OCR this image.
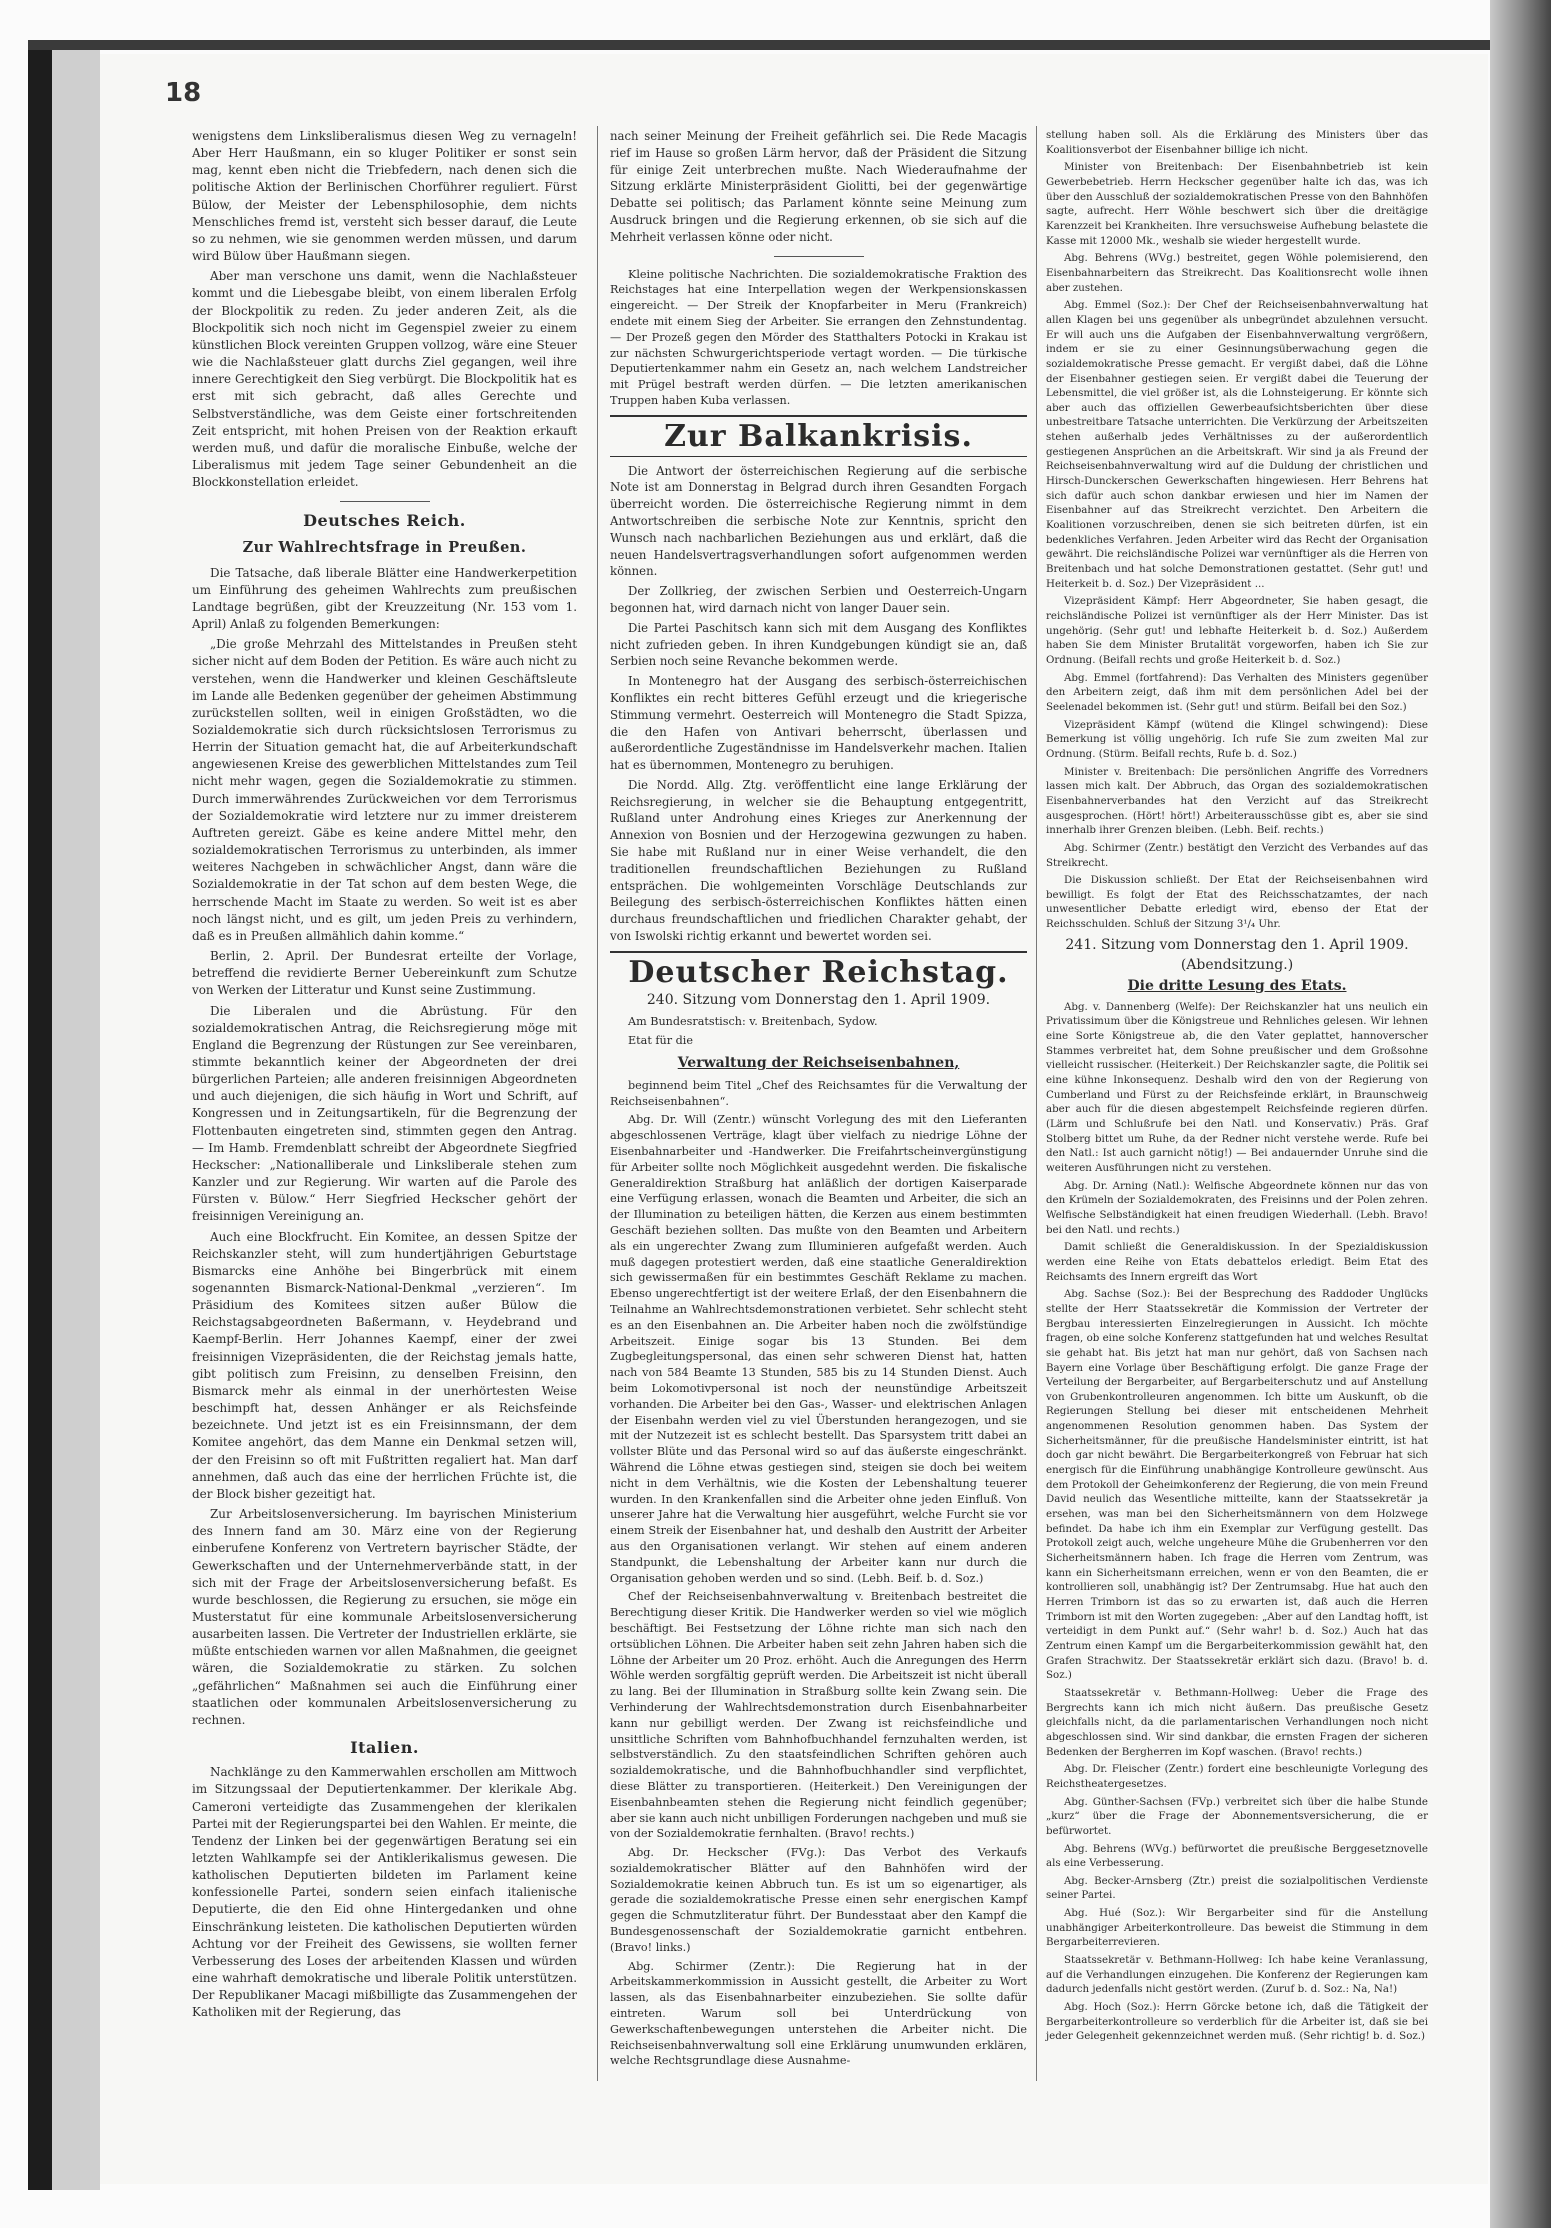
18

wenigstens dem Linksliberalismus diesen Weg zu vernageln! Aber Herr Haußmann, ein so kluger Politiker er sonst sein mag, kennt eben nicht die Triebfedern, nach denen sich die politische Aktion der Berlinischen Chorführer reguliert. Fürst Bülow, der Meister der Lebensphilosophie, dem nichts Menschliches fremd ist, versteht sich besser darauf, die Leute so zu nehmen, wie sie genommen werden müssen, und darum wird Bülow über Haußmann siegen.

Aber man verschone uns damit, wenn die Nachlaßsteuer kommt und die Liebesgabe bleibt, von einem liberalen Erfolg der Blockpolitik zu reden. Zu jeder anderen Zeit, als die Blockpolitik sich noch nicht im Gegenspiel zweier zu einem künstlichen Block vereinten Gruppen vollzog, wäre eine Steuer wie die Nachlaßsteuer glatt durchs Ziel gegangen, weil ihre innere Gerechtigkeit den Sieg verbürgt. Die Blockpolitik hat es erst mit sich gebracht, daß alles Gerechte und Selbstverständliche, was dem Geiste einer fortschreitenden Zeit entspricht, mit hohen Preisen von der Reaktion erkauft werden muß, und dafür die moralische Einbuße, welche der Liberalismus mit jedem Tage seiner Gebundenheit an die Blockkonstellation erleidet.

Deutsches Reich.
Zur Wahlrechtsfrage in Preußen.

Die Tatsache, daß liberale Blätter eine Handwerkerpetition um Einführung des geheimen Wahlrechts zum preußischen Landtage begrüßen, gibt der Kreuzzeitung (Nr. 153 vom 1. April) Anlaß zu folgenden Bemerkungen:

„Die große Mehrzahl des Mittelstandes in Preußen steht sicher nicht auf dem Boden der Petition. Es wäre auch nicht zu verstehen, wenn die Handwerker und kleinen Geschäftsleute im Lande alle Bedenken gegenüber der geheimen Abstimmung zurückstellen sollten, weil in einigen Großstädten, wo die Sozialdemokratie sich durch rücksichtslosen Terrorismus zu Herrin der Situation gemacht hat, die auf Arbeiterkundschaft angewiesenen Kreise des gewerblichen Mittelstandes zum Teil nicht mehr wagen, gegen die Sozialdemokratie zu stimmen. Durch immerwährendes Zurückweichen vor dem Terrorismus der Sozialdemokratie wird letztere nur zu immer dreisterem Auftreten gereizt. Gäbe es keine andere Mittel mehr, den sozialdemokratischen Terrorismus zu unterbinden, als immer weiteres Nachgeben in schwächlicher Angst, dann wäre die Sozialdemokratie in der Tat schon auf dem besten Wege, die herrschende Macht im Staate zu werden. So weit ist es aber noch längst nicht, und es gilt, um jeden Preis zu verhindern, daß es in Preußen allmählich dahin komme.“

Berlin, 2. April. Der Bundesrat erteilte der Vorlage, betreffend die revidierte Berner Uebereinkunft zum Schutze von Werken der Litteratur und Kunst seine Zustimmung.

Die Liberalen und die Abrüstung. Für den sozialdemokratischen Antrag, die Reichsregierung möge mit England die Begrenzung der Rüstungen zur See vereinbaren, stimmte bekanntlich keiner der Abgeordneten der drei bürgerlichen Parteien; alle anderen freisinnigen Abgeordneten und auch diejenigen, die sich häufig in Wort und Schrift, auf Kongressen und in Zeitungsartikeln, für die Begrenzung der Flottenbauten eingetreten sind, stimmten gegen den Antrag. — Im Hamb. Fremdenblatt schreibt der Abgeordnete Siegfried Heckscher: „Nationalliberale und Linksliberale stehen zum Kanzler und zur Regierung. Wir warten auf die Parole des Fürsten v. Bülow.“ Herr Siegfried Heckscher gehört der freisinnigen Vereinigung an.

Auch eine Blockfrucht. Ein Komitee, an dessen Spitze der Reichskanzler steht, will zum hundertjährigen Geburtstage Bismarcks eine Anhöhe bei Bingerbrück mit einem sogenannten Bismarck-National-Denkmal „verzieren“. Im Präsidium des Komitees sitzen außer Bülow die Reichstagsabgeordneten Baßermann, v. Heydebrand und Kaempf-Berlin. Herr Johannes Kaempf, einer der zwei freisinnigen Vizepräsidenten, die der Reichstag jemals hatte, gibt politisch zum Freisinn, zu denselben Freisinn, den Bismarck mehr als einmal in der unerhörtesten Weise beschimpft hat, dessen Anhänger er als Reichsfeinde bezeichnete. Und jetzt ist es ein Freisinnsmann, der dem Komitee angehört, das dem Manne ein Denkmal setzen will, der den Freisinn so oft mit Fußtritten regaliert hat. Man darf annehmen, daß auch das eine der herrlichen Früchte ist, die der Block bisher gezeitigt hat.

Zur Arbeitslosenversicherung. Im bayrischen Ministerium des Innern fand am 30. März eine von der Regierung einberufene Konferenz von Vertretern bayrischer Städte, der Gewerkschaften und der Unternehmerverbände statt, in der sich mit der Frage der Arbeitslosenversicherung befaßt. Es wurde beschlossen, die Regierung zu ersuchen, sie möge ein Musterstatut für eine kommunale Arbeitslosenversicherung ausarbeiten lassen. Die Vertreter der Industriellen erklärte, sie müßte entschieden warnen vor allen Maßnahmen, die geeignet wären, die Sozialdemokratie zu stärken. Zu solchen „gefährlichen“ Maßnahmen sei auch die Einführung einer staatlichen oder kommunalen Arbeitslosenversicherung zu rechnen.

Italien.

Nachklänge zu den Kammerwahlen erschollen am Mittwoch im Sitzungssaal der Deputiertenkammer. Der klerikale Abg. Cameroni verteidigte das Zusammengehen der klerikalen Partei mit der Regierungspartei bei den Wahlen. Er meinte, die Tendenz der Linken bei der gegenwärtigen Beratung sei ein letzten Wahlkampfe sei der Antiklerikalismus gewesen. Die katholischen Deputierten bildeten im Parlament keine konfessionelle Partei, sondern seien einfach italienische Deputierte, die den Eid ohne Hintergedanken und ohne Einschränkung leisteten. Die katholischen Deputierten würden Achtung vor der Freiheit des Gewissens, sie wollten ferner Verbesserung des Loses der arbeitenden Klassen und würden eine wahrhaft demokratische und liberale Politik unterstützen. Der Republikaner Macagi mißbilligte das Zusammengehen der Katholiken mit der Regierung, das

nach seiner Meinung der Freiheit gefährlich sei. Die Rede Macagis rief im Hause so großen Lärm hervor, daß der Präsident die Sitzung für einige Zeit unterbrechen mußte. Nach Wiederaufnahme der Sitzung erklärte Ministerpräsident Giolitti, bei der gegenwärtige Debatte sei politisch; das Parlament könnte seine Meinung zum Ausdruck bringen und die Regierung erkennen, ob sie sich auf die Mehrheit verlassen könne oder nicht.

Kleine politische Nachrichten. Die sozialdemokratische Fraktion des Reichstages hat eine Interpellation wegen der Werkpensionskassen eingereicht. — Der Streik der Knopfarbeiter in Meru (Frankreich) endete mit einem Sieg der Arbeiter. Sie errangen den Zehnstundentag. — Der Prozeß gegen den Mörder des Statthalters Potocki in Krakau ist zur nächsten Schwurgerichtsperiode vertagt worden. — Die türkische Deputiertenkammer nahm ein Gesetz an, nach welchem Landstreicher mit Prügel bestraft werden dürfen. — Die letzten amerikanischen Truppen haben Kuba verlassen.

Zur Balkankrisis.

Die Antwort der österreichischen Regierung auf die serbische Note ist am Donnerstag in Belgrad durch ihren Gesandten Forgach überreicht worden. Die österreichische Regierung nimmt in dem Antwortschreiben die serbische Note zur Kenntnis, spricht den Wunsch nach nachbarlichen Beziehungen aus und erklärt, daß die neuen Handelsvertragsverhandlungen sofort aufgenommen werden können.

Der Zollkrieg, der zwischen Serbien und Oesterreich-Ungarn begonnen hat, wird darnach nicht von langer Dauer sein.

Die Partei Paschitsch kann sich mit dem Ausgang des Konfliktes nicht zufrieden geben. In ihren Kundgebungen kündigt sie an, daß Serbien noch seine Revanche bekommen werde.

In Montenegro hat der Ausgang des serbisch-österreichischen Konfliktes ein recht bitteres Gefühl erzeugt und die kriegerische Stimmung vermehrt. Oesterreich will Montenegro die Stadt Spizza, die den Hafen von Antivari beherrscht, überlassen und außerordentliche Zugeständnisse im Handelsverkehr machen. Italien hat es übernommen, Montenegro zu beruhigen.

Die Nordd. Allg. Ztg. veröffentlicht eine lange Erklärung der Reichsregierung, in welcher sie die Behauptung entgegentritt, Rußland unter Androhung eines Krieges zur Anerkennung der Annexion von Bosnien und der Herzogewina gezwungen zu haben. Sie habe mit Rußland nur in einer Weise verhandelt, die den traditionellen freundschaftlichen Beziehungen zu Rußland entsprächen. Die wohlgemeinten Vorschläge Deutschlands zur Beilegung des serbisch-österreichischen Konfliktes hätten einen durchaus freundschaftlichen und friedlichen Charakter gehabt, der von Iswolski richtig erkannt und bewertet worden sei.

Deutscher Reichstag.
240. Sitzung vom Donnerstag den 1. April 1909.

Am Bundesratstisch: v. Breitenbach, Sydow.

Etat für die

Verwaltung der Reichseisenbahnen,

beginnend beim Titel „Chef des Reichsamtes für die Verwaltung der Reichseisenbahnen“.

Abg. Dr. Will (Zentr.) wünscht Vorlegung des mit den Lieferanten abgeschlossenen Verträge, klagt über vielfach zu niedrige Löhne der Eisenbahnarbeiter und -Handwerker. Die Freifahrtscheinvergünstigung für Arbeiter sollte noch Möglichkeit ausgedehnt werden. Die fiskalische Generaldirektion Straßburg hat anläßlich der dortigen Kaiserparade eine Verfügung erlassen, wonach die Beamten und Arbeiter, die sich an der Illumination zu beteiligen hätten, die Kerzen aus einem bestimmten Geschäft beziehen sollten. Das mußte von den Beamten und Arbeitern als ein ungerechter Zwang zum Illuminieren aufgefaßt werden. Auch muß dagegen protestiert werden, daß eine staatliche Generaldirektion sich gewissermaßen für ein bestimmtes Geschäft Reklame zu machen. Ebenso ungerechtfertigt ist der weitere Erlaß, der den Eisenbahnern die Teilnahme an Wahlrechtsdemonstrationen verbietet. Sehr schlecht steht es an den Eisenbahnen an. Die Arbeiter haben noch die zwölfstündige Arbeitszeit. Einige sogar bis 13 Stunden. Bei dem Zugbegleitungspersonal, das einen sehr schweren Dienst hat, hatten nach von 584 Beamte 13 Stunden, 585 bis zu 14 Stunden Dienst. Auch beim Lokomotivpersonal ist noch der neunstündige Arbeitszeit vorhanden. Die Arbeiter bei den Gas-, Wasser- und elektrischen Anlagen der Eisenbahn werden viel zu viel Überstunden herangezogen, und sie mit der Nutzezeit ist es schlecht bestellt. Das Sparsystem tritt dabei an vollster Blüte und das Personal wird so auf das äußerste eingeschränkt. Während die Löhne etwas gestiegen sind, steigen sie doch bei weitem nicht in dem Verhältnis, wie die Kosten der Lebenshaltung teuerer wurden. In den Krankenfallen sind die Arbeiter ohne jeden Einfluß. Von unserer Jahre hat die Verwaltung hier ausgeführt, welche Furcht sie vor einem Streik der Eisenbahner hat, und deshalb den Austritt der Arbeiter aus den Organisationen verlangt. Wir stehen auf einem anderen Standpunkt, die Lebenshaltung der Arbeiter kann nur durch die Organisation gehoben werden und so sind. (Lebh. Beif. b. d. Soz.)

Chef der Reichseisenbahnverwaltung v. Breitenbach bestreitet die Berechtigung dieser Kritik. Die Handwerker werden so viel wie möglich beschäftigt. Bei Festsetzung der Löhne richte man sich nach den ortsüblichen Löhnen. Die Arbeiter haben seit zehn Jahren haben sich die Löhne der Arbeiter um 20 Proz. erhöht. Auch die Anregungen des Herrn Wöhle werden sorgfältig geprüft werden. Die Arbeitszeit ist nicht überall zu lang. Bei der Illumination in Straßburg sollte kein Zwang sein. Die Verhinderung der Wahlrechtsdemonstration durch Eisenbahnarbeiter kann nur gebilligt werden. Der Zwang ist reichsfeindliche und unsittliche Schriften vom Bahnhofbuchhandel fernzuhalten werden, ist selbstverständlich. Zu den staatsfeindlichen Schriften gehören auch sozialdemokratische, und die Bahnhofbuchhandler sind verpflichtet, diese Blätter zu transportieren. (Heiterkeit.) Den Vereinigungen der Eisenbahnbeamten stehen die Regierung nicht feindlich gegenüber; aber sie kann auch nicht unbilligen Forderungen nachgeben und muß sie von der Sozialdemokratie fernhalten. (Bravo! rechts.)

Abg. Dr. Heckscher (FVg.): Das Verbot des Verkaufs sozialdemokratischer Blätter auf den Bahnhöfen wird der Sozialdemokratie keinen Abbruch tun. Es ist um so eigenartiger, als gerade die sozialdemokratische Presse einen sehr energischen Kampf gegen die Schmutzliteratur führt. Der Bundesstaat aber den Kampf die Bundesgenossenschaft der Sozialdemokratie garnicht entbehren. (Bravo! links.)

Abg. Schirmer (Zentr.): Die Regierung hat in der Arbeitskammerkommission in Aussicht gestellt, die Arbeiter zu Wort lassen, als das Eisenbahnarbeiter einzubeziehen. Sie sollte dafür eintreten. Warum soll bei Unterdrückung von Gewerkschaftenbewegungen unterstehen die Arbeiter nicht. Die Reichseisenbahnverwaltung soll eine Erklärung unumwunden erklären, welche Rechtsgrundlage diese Ausnahme-

stellung haben soll. Als die Erklärung des Ministers über das Koalitionsverbot der Eisenbahner billige ich nicht.

Minister von Breitenbach: Der Eisenbahnbetrieb ist kein Gewerbebetrieb. Herrn Heckscher gegenüber halte ich das, was ich über den Ausschluß der sozialdemokratischen Presse von den Bahnhöfen sagte, aufrecht. Herr Wöhle beschwert sich über die dreitägige Karenzzeit bei Krankheiten. Ihre versuchsweise Aufhebung belastete die Kasse mit 12000 Mk., weshalb sie wieder hergestellt wurde.

Abg. Behrens (WVg.) bestreitet, gegen Wöhle polemisierend, den Eisenbahnarbeitern das Streikrecht. Das Koalitionsrecht wolle ihnen aber zustehen.

Abg. Emmel (Soz.): Der Chef der Reichseisenbahnverwaltung hat allen Klagen bei uns gegenüber als unbegründet abzulehnen versucht. Er will auch uns die Aufgaben der Eisenbahnverwaltung vergrößern, indem er sie zu einer Gesinnungsüberwachung gegen die sozialdemokratische Presse gemacht. Er vergißt dabei, daß die Löhne der Eisenbahner gestiegen seien. Er vergißt dabei die Teuerung der Lebensmittel, die viel größer ist, als die Lohnsteigerung. Er könnte sich aber auch das offiziellen Gewerbeaufsichtsberichten über diese unbestreitbare Tatsache unterrichten. Die Verkürzung der Arbeitszeiten stehen außerhalb jedes Verhältnisses zu der außerordentlich gestiegenen Ansprüchen an die Arbeitskraft. Wir sind ja als Freund der Reichseisenbahnverwaltung wird auf die Duldung der christlichen und Hirsch-Dunckerschen Gewerkschaften hingewiesen. Herr Behrens hat sich dafür auch schon dankbar erwiesen und hier im Namen der Eisenbahner auf das Streikrecht verzichtet. Den Arbeitern die Koalitionen vorzuschreiben, denen sie sich beitreten dürfen, ist ein bedenkliches Verfahren. Jeden Arbeiter wird das Recht der Organisation gewährt. Die reichsländische Polizei war vernünftiger als die Herren von Breitenbach und hat solche Demonstrationen gestattet. (Sehr gut! und Heiterkeit b. d. Soz.) Der Vizepräsident ...

Vizepräsident Kämpf: Herr Abgeordneter, Sie haben gesagt, die reichsländische Polizei ist vernünftiger als der Herr Minister. Das ist ungehörig. (Sehr gut! und lebhafte Heiterkeit b. d. Soz.) Außerdem haben Sie dem Minister Brutalität vorgeworfen, haben ich Sie zur Ordnung. (Beifall rechts und große Heiterkeit b. d. Soz.)

Abg. Emmel (fortfahrend): Das Verhalten des Ministers gegenüber den Arbeitern zeigt, daß ihm mit dem persönlichen Adel bei der Seelenadel bekommen ist. (Sehr gut! und stürm. Beifall bei den Soz.)

Vizepräsident Kämpf (wütend die Klingel schwingend): Diese Bemerkung ist völlig ungehörig. Ich rufe Sie zum zweiten Mal zur Ordnung. (Stürm. Beifall rechts, Rufe b. d. Soz.)

Minister v. Breitenbach: Die persönlichen Angriffe des Vorredners lassen mich kalt. Der Abbruch, das Organ des sozialdemokratischen Eisenbahnerverbandes hat den Verzicht auf das Streikrecht ausgesprochen. (Hört! hört!) Arbeiterausschüsse gibt es, aber sie sind innerhalb ihrer Grenzen bleiben. (Lebh. Beif. rechts.)

Abg. Schirmer (Zentr.) bestätigt den Verzicht des Verbandes auf das Streikrecht.

Die Diskussion schließt. Der Etat der Reichseisenbahnen wird bewilligt. Es folgt der Etat des Reichsschatzamtes, der nach unwesentlicher Debatte erledigt wird, ebenso der Etat der Reichsschulden. Schluß der Sitzung 3¹/₄ Uhr.

241. Sitzung vom Donnerstag den 1. April 1909.
(Abendsitzung.)
Die dritte Lesung des Etats.

Abg. v. Dannenberg (Welfe): Der Reichskanzler hat uns neulich ein Privatissimum über die Königstreue und Rehnliches gelesen. Wir lehnen eine Sorte Königstreue ab, die den Vater geplattet, hannoverscher Stammes verbreitet hat, dem Sohne preußischer und dem Großsohne vielleicht russischer. (Heiterkeit.) Der Reichskanzler sagte, die Politik sei eine kühne Inkonsequenz. Deshalb wird den von der Regierung von Cumberland und Fürst zu der Reichsfeinde erklärt, in Braunschweig aber auch für die diesen abgestempelt Reichsfeinde regieren dürfen. (Lärm und Schlußrufe bei den Natl. und Konservativ.) Präs. Graf Stolberg bittet um Ruhe, da der Redner nicht verstehe werde. Rufe bei den Natl.: Ist auch garnicht nötig!) — Bei andauernder Unruhe sind die weiteren Ausführungen nicht zu verstehen.

Abg. Dr. Arning (Natl.): Welfische Abgeordnete können nur das von den Krümeln der Sozialdemokraten, des Freisinns und der Polen zehren. Welfische Selbständigkeit hat einen freudigen Wiederhall. (Lebh. Bravo! bei den Natl. und rechts.)

Damit schließt die Generaldiskussion. In der Spezialdiskussion werden eine Reihe von Etats debattelos erledigt. Beim Etat des Reichsamts des Innern ergreift das Wort

Abg. Sachse (Soz.): Bei der Besprechung des Raddoder Unglücks stellte der Herr Staatssekretär die Kommission der Vertreter der Bergbau interessierten Einzelregierungen in Aussicht. Ich möchte fragen, ob eine solche Konferenz stattgefunden hat und welches Resultat sie gehabt hat. Bis jetzt hat man nur gehört, daß von Sachsen nach Bayern eine Vorlage über Beschäftigung erfolgt. Die ganze Frage der Verteilung der Bergarbeiter, auf Bergarbeiterschutz und auf Anstellung von Grubenkontrolleuren angenommen. Ich bitte um Auskunft, ob die Regierungen Stellung bei dieser mit entscheidenen Mehrheit angenommenen Resolution genommen haben. Das System der Sicherheitsmänner, für die preußische Handelsminister eintritt, ist hat doch gar nicht bewährt. Die Bergarbeiterkongreß von Februar hat sich energisch für die Einführung unabhängige Kontrolleure gewünscht. Aus dem Protokoll der Geheimkonferenz der Regierung, die von mein Freund David neulich das Wesentliche mitteilte, kann der Staatssekretär ja ersehen, was man bei den Sicherheitsmännern von dem Holzwege befindet. Da habe ich ihm ein Exemplar zur Verfügung gestellt. Das Protokoll zeigt auch, welche ungeheure Mühe die Grubenherren vor den Sicherheitsmännern haben. Ich frage die Herren vom Zentrum, was kann ein Sicherheitsmann erreichen, wenn er von den Beamten, die er kontrollieren soll, unabhängig ist? Der Zentrumsabg. Hue hat auch den Herren Trimborn ist das so zu erwarten ist, daß auch die Herren Trimborn ist mit den Worten zugegeben: „Aber auf den Landtag hofft, ist verteidigt in dem Punkt auf.“ (Sehr wahr! b. d. Soz.) Auch hat das Zentrum einen Kampf um die Bergarbeiterkommission gewählt hat, den Grafen Strachwitz. Der Staatssekretär erklärt sich dazu. (Bravo! b. d. Soz.)

Staatssekretär v. Bethmann-Hollweg: Ueber die Frage des Bergrechts kann ich mich nicht äußern. Das preußische Gesetz gleichfalls nicht, da die parlamentarischen Verhandlungen noch nicht abgeschlossen sind. Wir sind dankbar, die ernsten Fragen der sicheren Bedenken der Bergherren im Kopf waschen. (Bravo! rechts.)

Abg. Dr. Fleischer (Zentr.) fordert eine beschleunigte Vorlegung des Reichstheatergesetzes.

Abg. Günther-Sachsen (FVp.) verbreitet sich über die halbe Stunde „kurz“ über die Frage der Abonnementsversicherung, die er befürwortet.

Abg. Behrens (WVg.) befürwortet die preußische Berggesetznovelle als eine Verbesserung.

Abg. Becker-Arnsberg (Ztr.) preist die sozialpolitischen Verdienste seiner Partei.

Abg. Hué (Soz.): Wir Bergarbeiter sind für die Anstellung unabhängiger Arbeiterkontrolleure. Das beweist die Stimmung in dem Bergarbeiterrevieren.

Staatssekretär v. Bethmann-Hollweg: Ich habe keine Veranlassung, auf die Verhandlungen einzugehen. Die Konferenz der Regierungen kam dadurch jedenfalls nicht gestört werden. (Zuruf b. d. Soz.: Na, Na!)

Abg. Hoch (Soz.): Herrn Görcke betone ich, daß die Tätigkeit der Bergarbeiterkontrolleure so verderblich für die Arbeiter ist, daß sie bei jeder Gelegenheit gekennzeichnet werden muß. (Sehr richtig! b. d. Soz.)
